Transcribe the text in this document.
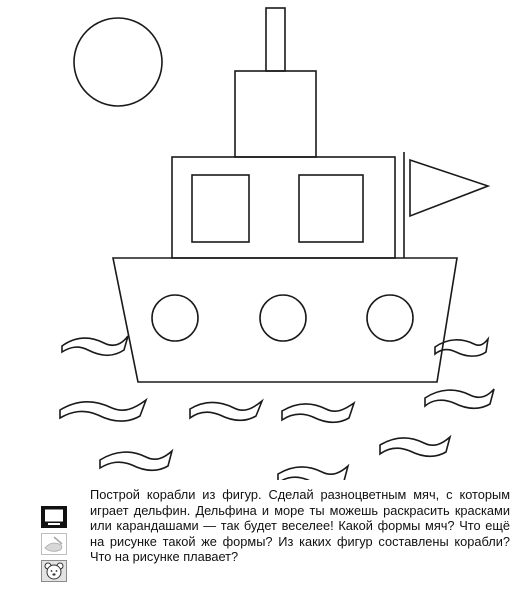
Построй корабли из фигур. Сделай разноцветным мяч, с которым играет дельфин. Дельфина и море ты можешь раскрасить красками или карандашами — так будет веселее! Какой формы мяч? Что ещё на рисунке такой же формы? Из каких фигур составлены корабли? Что на рисунке плавает?
